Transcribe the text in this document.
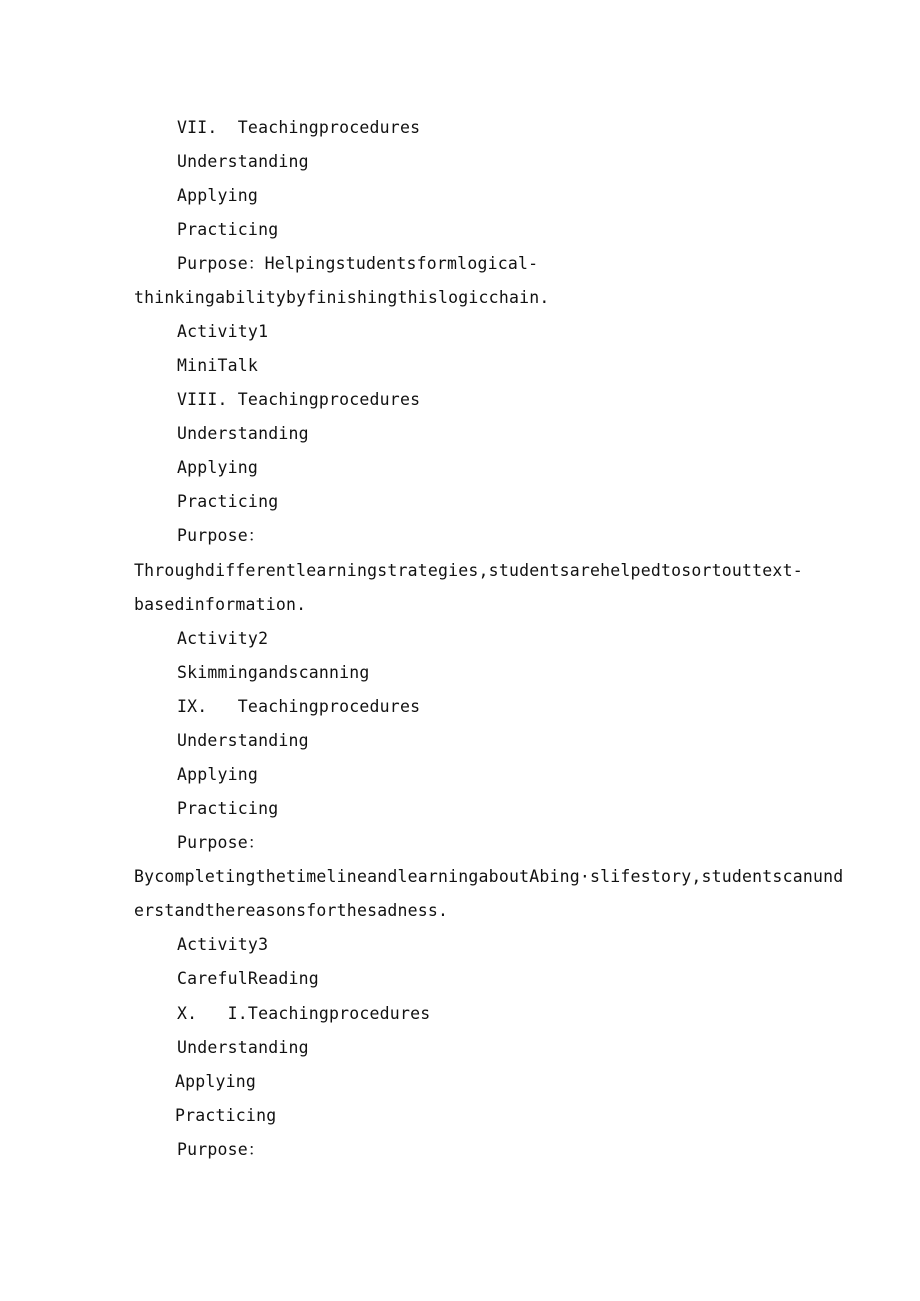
VII.  Teachingprocedures
Understanding
Applying
Practicing
Purpose：Helpingstudentsformlogical-
thinkingabilitybyfinishingthislogicchain.
Activity1
MiniTalk
VIII. Teachingprocedures
Understanding
Applying
Practicing
Purpose：
Throughdifferentlearningstrategies,studentsarehelpedtosortouttext-
basedinformation.
Activity2
Skimmingandscanning
IX.   Teachingprocedures
Understanding
Applying
Practicing
Purpose：
BycompletingthetimelineandlearningaboutAbing·slifestory,studentscanund
erstandthereasonsforthesadness.
Activity3
CarefulReading
X.   I.Teachingprocedures
Understanding
Applying
Practicing
Purpose：
